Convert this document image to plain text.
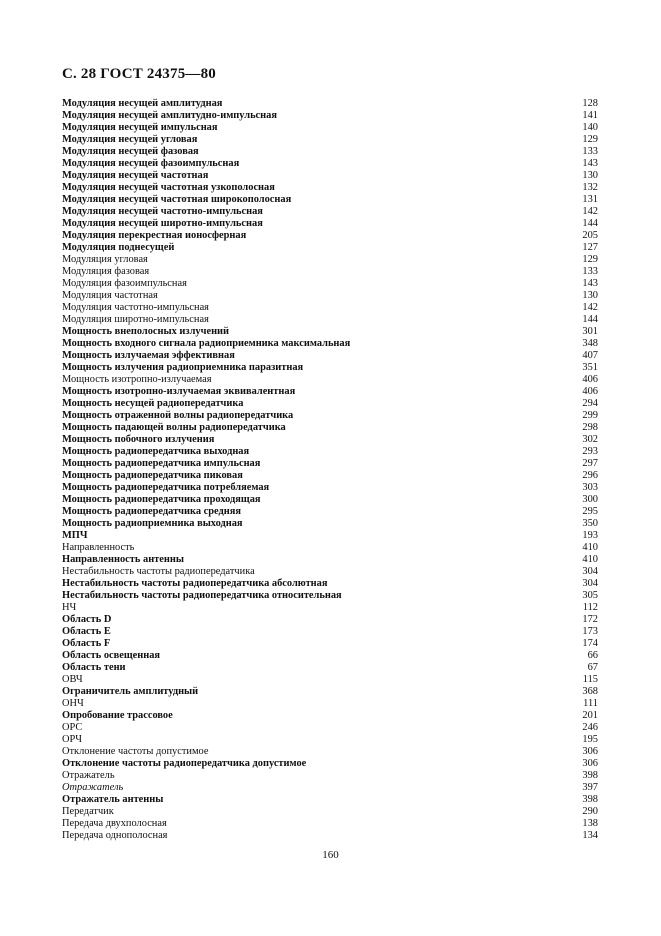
С. 28 ГОСТ 24375—80
Модуляция несущей амплитудная	128
Модуляция несущей амплитудно-импульсная	141
Модуляция несущей импульсная	140
Модуляция несущей угловая	129
Модуляция несущей фазовая	133
Модуляция несущей фазоимпульсная	143
Модуляция несущей частотная	130
Модуляция несущей частотная узкополосная	132
Модуляция несущей частотная широкополосная	131
Модуляция несущей частотно-импульсная	142
Модуляция несущей широтно-импульсная	144
Модуляция перекрестная ионосферная	205
Модуляция поднесущей	127
Модуляция угловая	129
Модуляция фазовая	133
Модуляция фазоимпульсная	143
Модуляция частотная	130
Модуляция частотно-импульсная	142
Модуляция широтно-импульсная	144
Мощность внеполосных излучений	301
Мощность входного сигнала радиоприемника максимальная	348
Мощность излучаемая эффективная	407
Мощность излучения радиоприемника паразитная	351
Мощность изотропно-излучаемая	406
Мощность изотропно-излучаемая эквивалентная	406
Мощность несущей радиопередатчика	294
Мощность отраженной волны радиопередатчика	299
Мощность падающей волны радиопередатчика	298
Мощность побочного излучения	302
Мощность радиопередатчика выходная	293
Мощность радиопередатчика импульсная	297
Мощность радиопередатчика пиковая	296
Мощность радиопередатчика потребляемая	303
Мощность радиопередатчика проходящая	300
Мощность радиопередатчика средняя	295
Мощность радиоприемника выходная	350
МПЧ	193
Направленность	410
Направленность антенны	410
Нестабильность частоты радиопередатчика	304
Нестабильность частоты радиопередатчика абсолютная	304
Нестабильность частоты радиопередатчика относительная	305
НЧ	112
Область D	172
Область E	173
Область F	174
Область освещенная	66
Область тени	67
ОВЧ	115
Ограничитель амплитудный	368
ОНЧ	111
Опробование трассовое	201
ОРС	246
ОРЧ	195
Отклонение частоты допустимое	306
Отклонение частоты радиопередатчика допустимое	306
Отражатель	398
Отражатель	397
Отражатель антенны	398
Передатчик	290
Передача двухполосная	138
Передача однополосная	134
160
